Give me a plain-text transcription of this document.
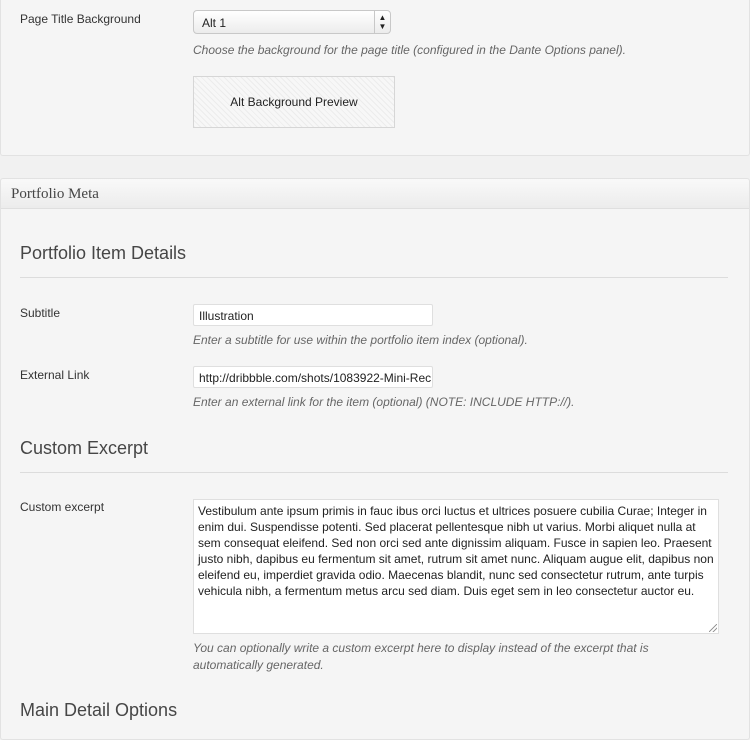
Page Title Background	Alt 1	▲
▼
Choose the background for the page title (configured in the Dante Options panel).
Alt Background Preview
Portfolio Meta
Portfolio Item Details
Subtitle	Illustration
Enter a subtitle for use within the portfolio item index (optional).
External Link	http://dribbble.com/shots/1083922-Mini-Rec
Enter an external link for the item (optional) (NOTE: INCLUDE HTTP://).
Custom Excerpt
Custom excerpt	Vestibulum ante ipsum primis in fauc ibus orci luctus et ultrices posuere cubilia Curae; Integer in enim dui. Suspendisse potenti. Sed placerat pellentesque nibh ut varius. Morbi aliquet nulla at sem consequat eleifend. Sed non orci sed ante dignissim aliquam. Fusce in sapien leo. Praesent justo nibh, dapibus eu fermentum sit amet, rutrum sit amet nunc. Aliquam augue elit, dapibus non eleifend eu, imperdiet gravida odio. Maecenas blandit, nunc sed consectetur rutrum, ante turpis vehicula nibh, a fermentum metus arcu sed diam. Duis eget sem in leo consectetur auctor eu.
You can optionally write a custom excerpt here to display instead of the excerpt that is automatically generated.
Main Detail Options
